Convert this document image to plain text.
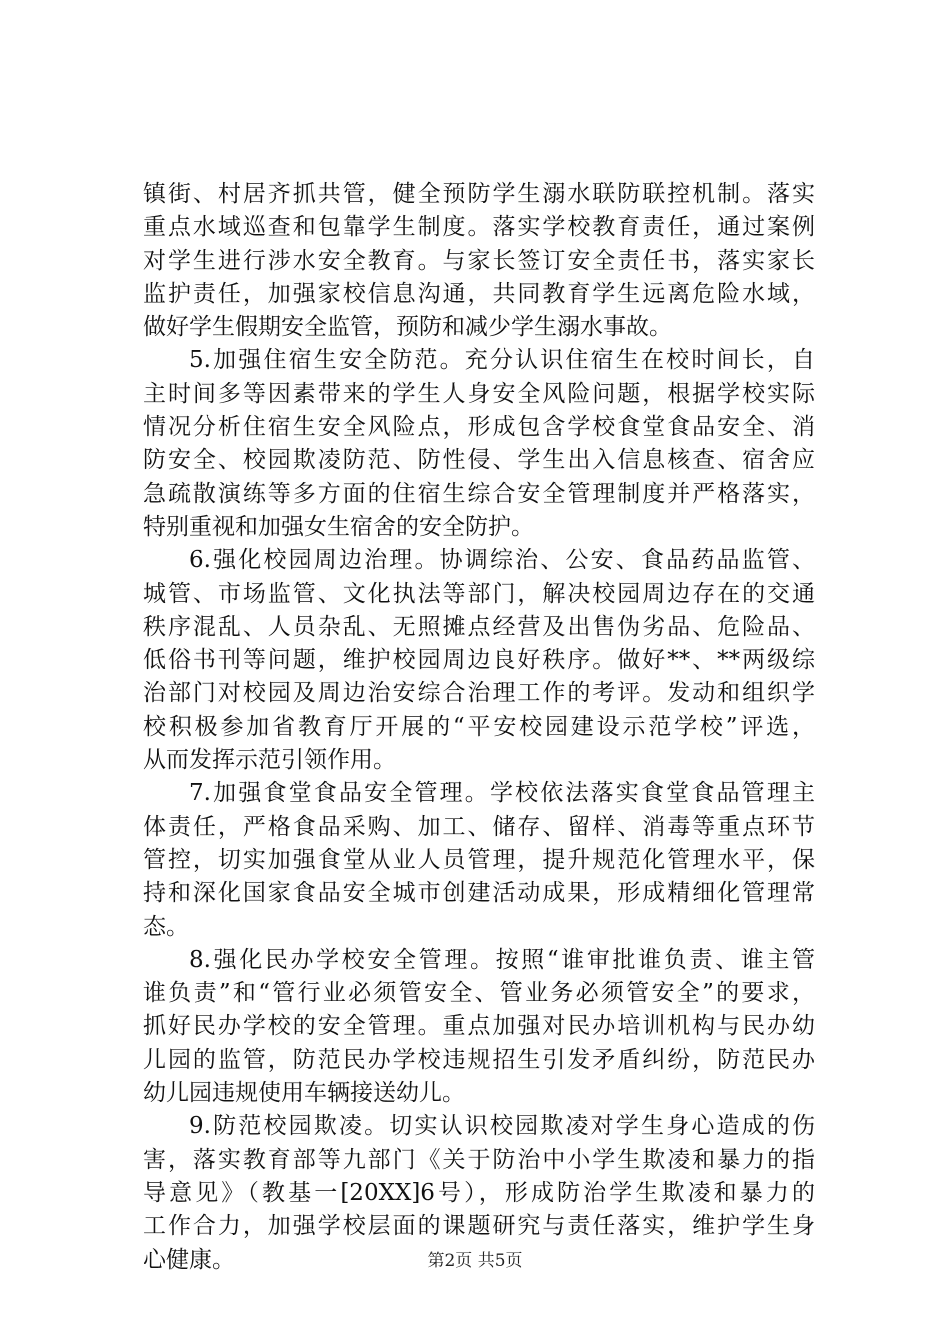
镇街、村居齐抓共管，健全预防学生溺水联防联控机制。落实
重点水域巡查和包靠学生制度。落实学校教育责任，通过案例
对学生进行涉水安全教育。与家长签订安全责任书，落实家长
监护责任，加强家校信息沟通，共同教育学生远离危险水域，
做好学生假期安全监管，预防和减少学生溺水事故。
5.加强住宿生安全防范。充分认识住宿生在校时间长，自
主时间多等因素带来的学生人身安全风险问题，根据学校实际
情况分析住宿生安全风险点，形成包含学校食堂食品安全、消
防安全、校园欺凌防范、防性侵、学生出入信息核查、宿舍应
急疏散演练等多方面的住宿生综合安全管理制度并严格落实，
特别重视和加强女生宿舍的安全防护。
6.强化校园周边治理。协调综治、公安、食品药品监管、
城管、市场监管、文化执法等部门，解决校园周边存在的交通
秩序混乱、人员杂乱、无照摊点经营及出售伪劣品、危险品、
低俗书刊等问题，维护校园周边良好秩序。做好**、**两级综
治部门对校园及周边治安综合治理工作的考评。发动和组织学
校积极参加省教育厅开展的“平安校园建设示范学校”评选，
从而发挥示范引领作用。
7.加强食堂食品安全管理。学校依法落实食堂食品管理主
体责任，严格食品采购、加工、储存、留样、消毒等重点环节
管控，切实加强食堂从业人员管理，提升规范化管理水平，保
持和深化国家食品安全城市创建活动成果，形成精细化管理常
态。
8.强化民办学校安全管理。按照“谁审批谁负责、谁主管
谁负责”和“管行业必须管安全、管业务必须管安全”的要求，
抓好民办学校的安全管理。重点加强对民办培训机构与民办幼
儿园的监管，防范民办学校违规招生引发矛盾纠纷，防范民办
幼儿园违规使用车辆接送幼儿。
9.防范校园欺凌。切实认识校园欺凌对学生身心造成的伤
害，落实教育部等九部门《关于防治中小学生欺凌和暴力的指
导意见》（教基一[20XX]6号），形成防治学生欺凌和暴力的
工作合力，加强学校层面的课题研究与责任落实，维护学生身
心健康。	第2页 共5页
